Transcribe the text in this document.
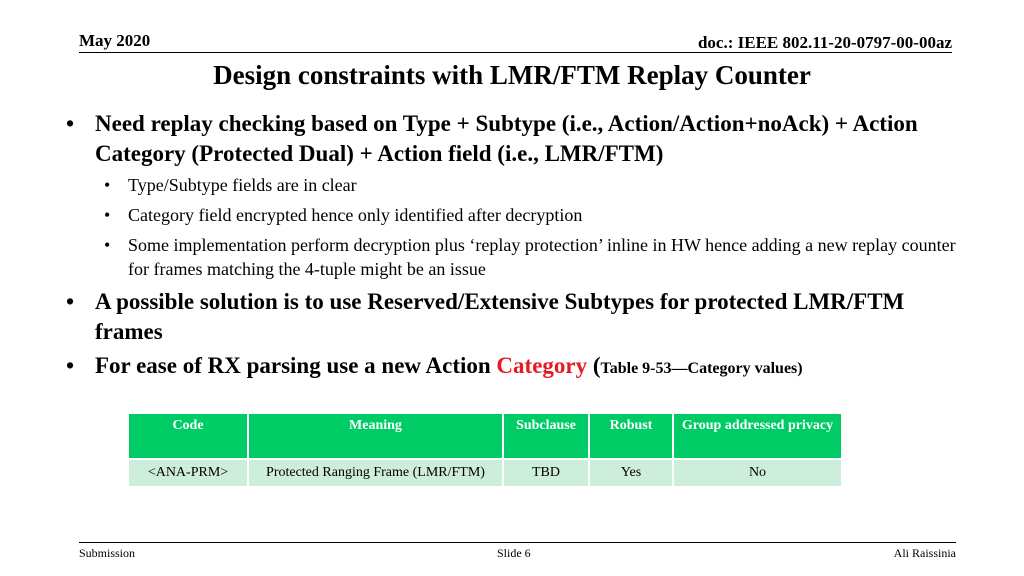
May 2020	doc.: IEEE 802.11-20-0797-00-00az
Design constraints with LMR/FTM Replay Counter
• Need replay checking based on Type + Subtype (i.e., Action/Action+noAck) + Action Category (Protected Dual) + Action field (i.e., LMR/FTM)
• Type/Subtype fields are in clear
• Category field encrypted hence only identified after decryption
• Some implementation perform decryption plus ‘replay protection’ inline in HW hence adding a new replay counter for frames matching the 4-tuple might be an issue
• A possible solution is to use Reserved/Extensive Subtypes for protected LMR/FTM frames
• For ease of RX parsing use a new Action Category (Table 9-53—Category values)
Code	Meaning	Subclause	Robust	Group addressed privacy
<ANA-PRM>	Protected Ranging Frame (LMR/FTM)	TBD	Yes	No
Submission	Slide 6	Ali Raissinia
